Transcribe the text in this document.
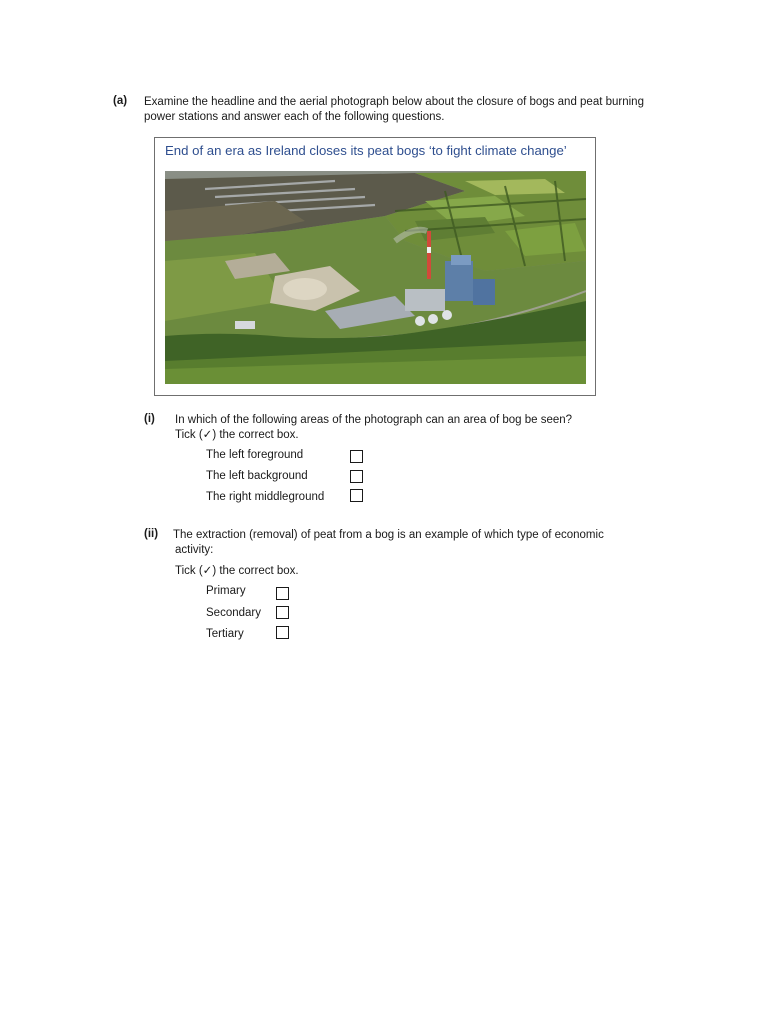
(a) Examine the headline and the aerial photograph below about the closure of bogs and peat burning power stations and answer each of the following questions.
End of an era as Ireland closes its peat bogs ‘to fight climate change’
(i) In which of the following areas of the photograph can an area of bog be seen?
Tick (✓) the correct box.
The left foreground
The left background
The right middleground
(ii) The extraction (removal) of peat from a bog is an example of which type of economic
activity:
Tick (✓) the correct box.
Primary
Secondary
Tertiary
